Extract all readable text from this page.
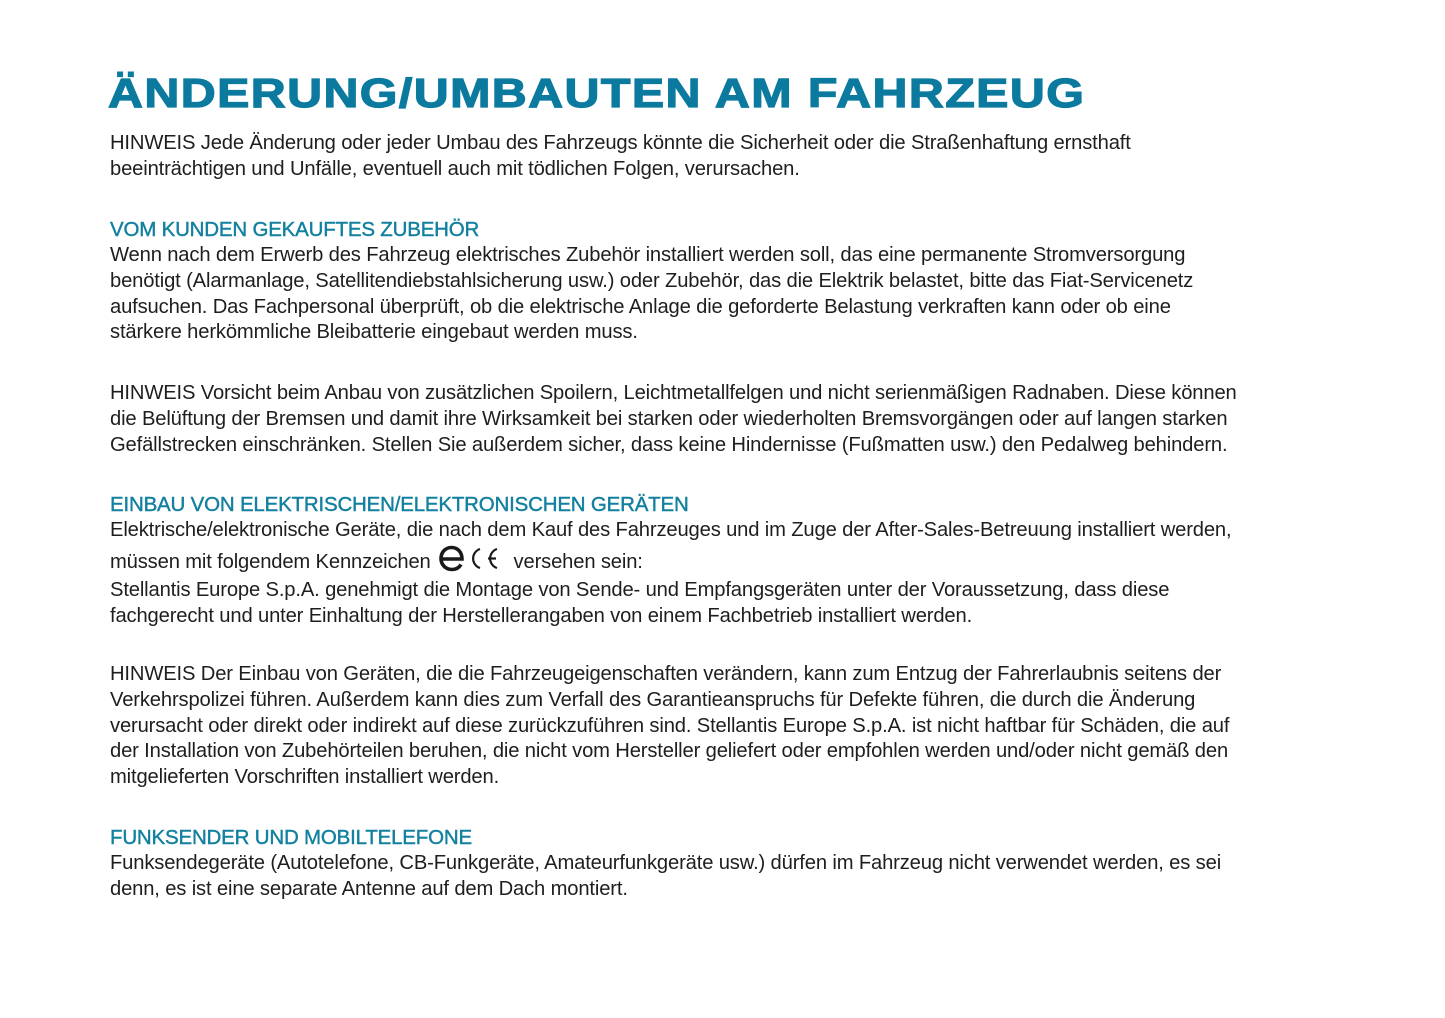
ÄNDERUNG/UMBAUTEN AM FAHRZEUG

HINWEIS Jede Änderung oder jeder Umbau des Fahrzeugs könnte die Sicherheit oder die Straßenhaftung ernsthaft
beeinträchtigen und Unfälle, eventuell auch mit tödlichen Folgen, verursachen.

VOM KUNDEN GEKAUFTES ZUBEHÖR

Wenn nach dem Erwerb des Fahrzeug elektrisches Zubehör installiert werden soll, das eine permanente Stromversorgung
benötigt (Alarmanlage, Satellitendiebstahlsicherung usw.) oder Zubehör, das die Elektrik belastet, bitte das Fiat-Servicenetz
aufsuchen. Das Fachpersonal überprüft, ob die elektrische Anlage die geforderte Belastung verkraften kann oder ob eine
stärkere herkömmliche Bleibatterie eingebaut werden muss.

HINWEIS Vorsicht beim Anbau von zusätzlichen Spoilern, Leichtmetallfelgen und nicht serienmäßigen Radnaben. Diese können
die Belüftung der Bremsen und damit ihre Wirksamkeit bei starken oder wiederholten Bremsvorgängen oder auf langen starken
Gefällstrecken einschränken. Stellen Sie außerdem sicher, dass keine Hindernisse (Fußmatten usw.) den Pedalweg behindern.

EINBAU VON ELEKTRISCHEN/ELEKTRONISCHEN GERÄTEN

Elektrische/elektronische Geräte, die nach dem Kauf des Fahrzeuges und im Zuge der After-Sales-Betreuung installiert werden,
müssen mit folgendem Kennzeichen	versehen sein:
Stellantis Europe S.p.A. genehmigt die Montage von Sende- und Empfangsgeräten unter der Voraussetzung, dass diese
fachgerecht und unter Einhaltung der Herstellerangaben von einem Fachbetrieb installiert werden.

HINWEIS Der Einbau von Geräten, die die Fahrzeugeigenschaften verändern, kann zum Entzug der Fahrerlaubnis seitens der
Verkehrspolizei führen. Außerdem kann dies zum Verfall des Garantieanspruchs für Defekte führen, die durch die Änderung
verursacht oder direkt oder indirekt auf diese zurückzuführen sind. Stellantis Europe S.p.A. ist nicht haftbar für Schäden, die auf
der Installation von Zubehörteilen beruhen, die nicht vom Hersteller geliefert oder empfohlen werden und/oder nicht gemäß den
mitgelieferten Vorschriften installiert werden.

FUNKSENDER UND MOBILTELEFONE

Funksendegeräte (Autotelefone, CB-Funkgeräte, Amateurfunkgeräte usw.) dürfen im Fahrzeug nicht verwendet werden, es sei
denn, es ist eine separate Antenne auf dem Dach montiert.
